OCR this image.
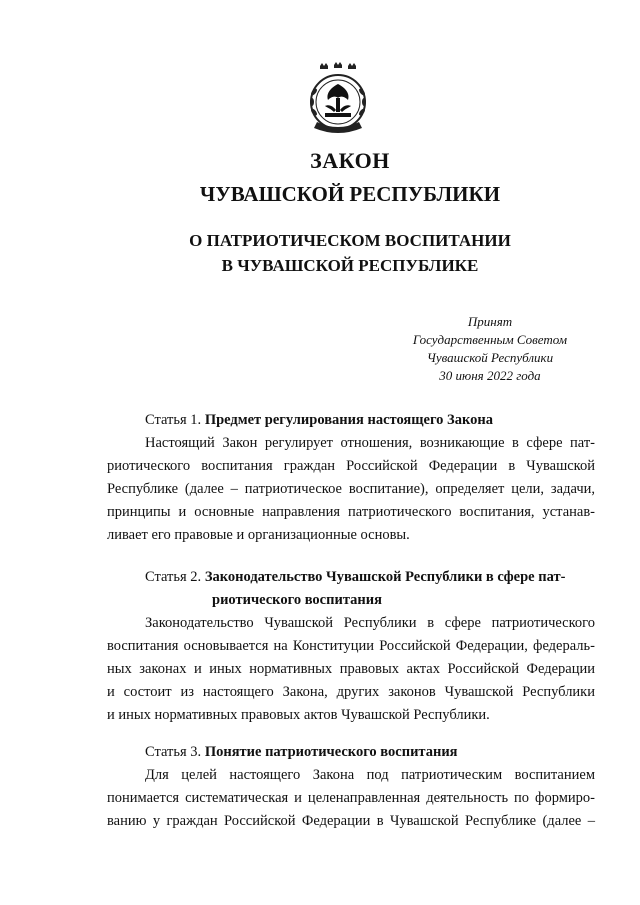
ЗАКОН
ЧУВАШСКОЙ РЕСПУБЛИКИ
О ПАТРИОТИЧЕСКОМ ВОСПИТАНИИ
В ЧУВАШСКОЙ РЕСПУБЛИКЕ
Принят
Государственным Советом
Чувашской Республики
30 июня 2022 года
Статья 1. Предмет регулирования настоящего Закона
Настоящий Закон регулирует отношения, возникающие в сфере пат-
риотического воспитания граждан Российской Федерации в Чувашской
Республике (далее – патриотическое воспитание), определяет цели, задачи,
принципы и основные направления патриотического воспитания, устанав-
ливает его правовые и организационные основы.
Статья 2. Законодательство Чувашской Республики в сфере пат-
риотического воспитания
Законодательство Чувашской Республики в сфере патриотического
воспитания основывается на Конституции Российской Федерации, федераль-
ных законах и иных нормативных правовых актах Российской Федерации
и состоит из настоящего Закона, других законов Чувашской Республики
и иных нормативных правовых актов Чувашской Республики.
Статья 3. Понятие патриотического воспитания
Для целей настоящего Закона под патриотическим воспитанием
понимается систематическая и целенаправленная деятельность по формиро-
ванию у граждан Российской Федерации в Чувашской Республике (далее –
